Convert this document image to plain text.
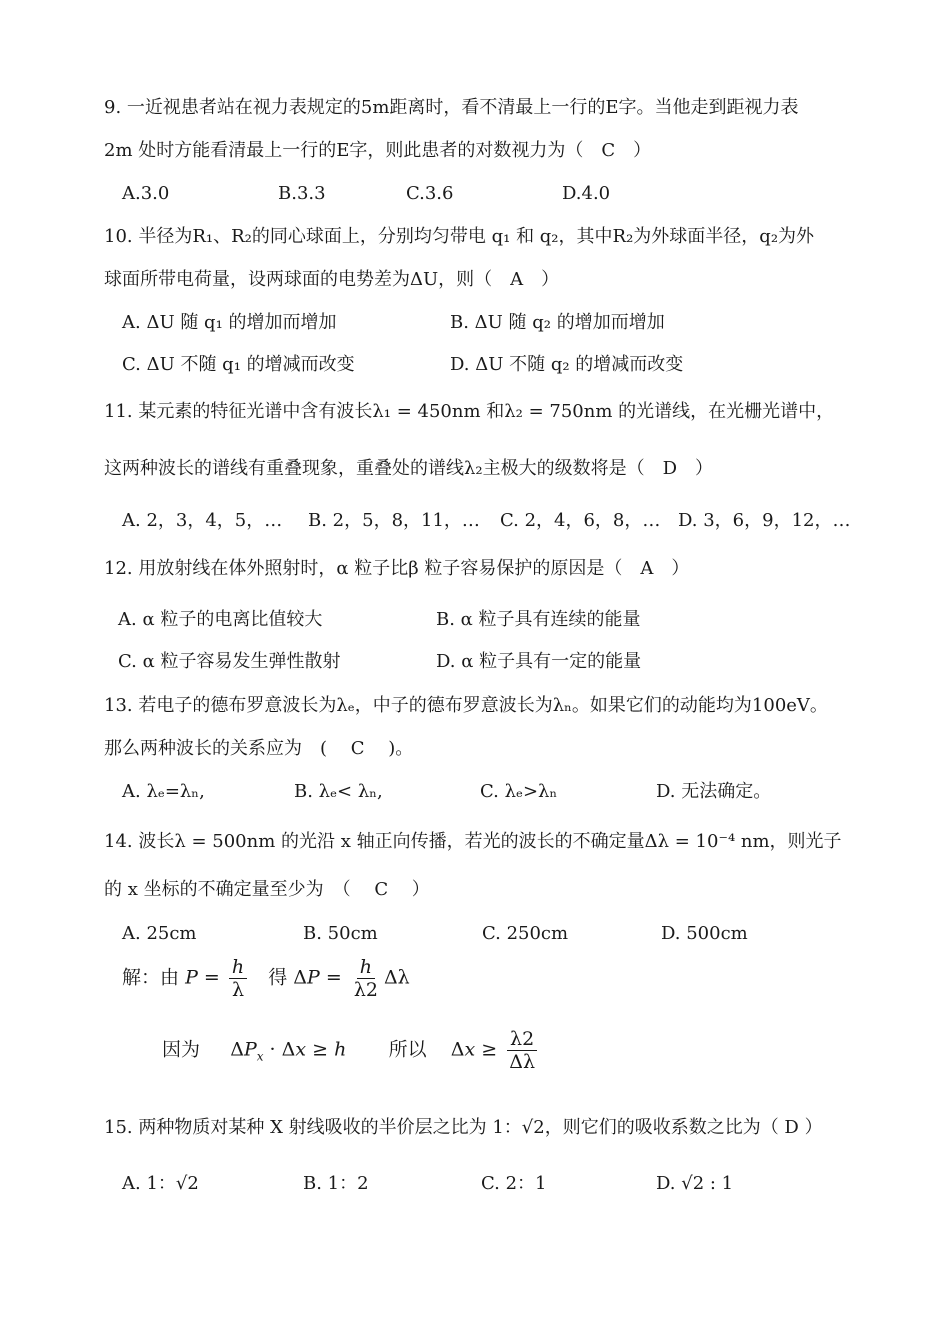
9. 一近视患者站在视力表规定的5m距离时，看不清最上一行的E字。当他走到距视力表
2m 处时方能看清最上一行的E字，则此患者的对数视力为（　C　）
A.3.0	B.3.3	C.3.6	D.4.0
10. 半径为R₁、R₂的同心球面上，分别均匀带电 q₁ 和 q₂，其中R₂为外球面半径，q₂为外
球面所带电荷量，设两球面的电势差为ΔU，则（　A　）
A. ΔU 随 q₁ 的增加而增加	B. ΔU 随 q₂ 的增加而增加
C. ΔU 不随 q₁ 的增减而改变	D. ΔU 不随 q₂ 的增减而改变
11. 某元素的特征光谱中含有波长λ₁ = 450nm 和λ₂ = 750nm 的光谱线，在光栅光谱中，
这两种波长的谱线有重叠现象，重叠处的谱线λ₂主极大的级数将是（　D　）
A. 2，3，4，5，… B. 2，5，8，11，… C. 2，4，6，8，… D. 3，6，9，12，…
12. 用放射线在体外照射时，α 粒子比β 粒子容易保护的原因是（　A　）
A. α 粒子的电离比值较大	B. α 粒子具有连续的能量
C. α 粒子容易发生弹性散射	D. α 粒子具有一定的能量
13. 若电子的德布罗意波长为λₑ，中子的德布罗意波长为λₙ。如果它们的动能均为100eV。
那么两种波长的关系应为　(　 C　 )。
A. λₑ=λₙ,	B. λₑ< λₙ,	C. λₑ>λₙ	D. 无法确定。
14. 波长λ = 500nm 的光沿 x 轴正向传播，若光的波长的不确定量Δλ = 10⁻⁴ nm，则光子
的 x 坐标的不确定量至少为　（　 C　 ）
A. 25cm	B. 50cm	C. 250cm	D. 500cm
解：由 $P = \frac{h}{\lambda}$ 得 $\Delta P = \frac{h}{\lambda 2}$ Δλ
因为     $\Delta P_x \cdot \Delta x \ge h$ 所以    $\Delta x \ge \frac{\lambda 2}{\Delta\lambda}$
15. 两种物质对某种 X 射线吸收的半价层之比为 1：√2，则它们的吸收系数之比为（ D ）
A. 1：√2	B. 1：2	C. 2：1	D. √2 : 1
